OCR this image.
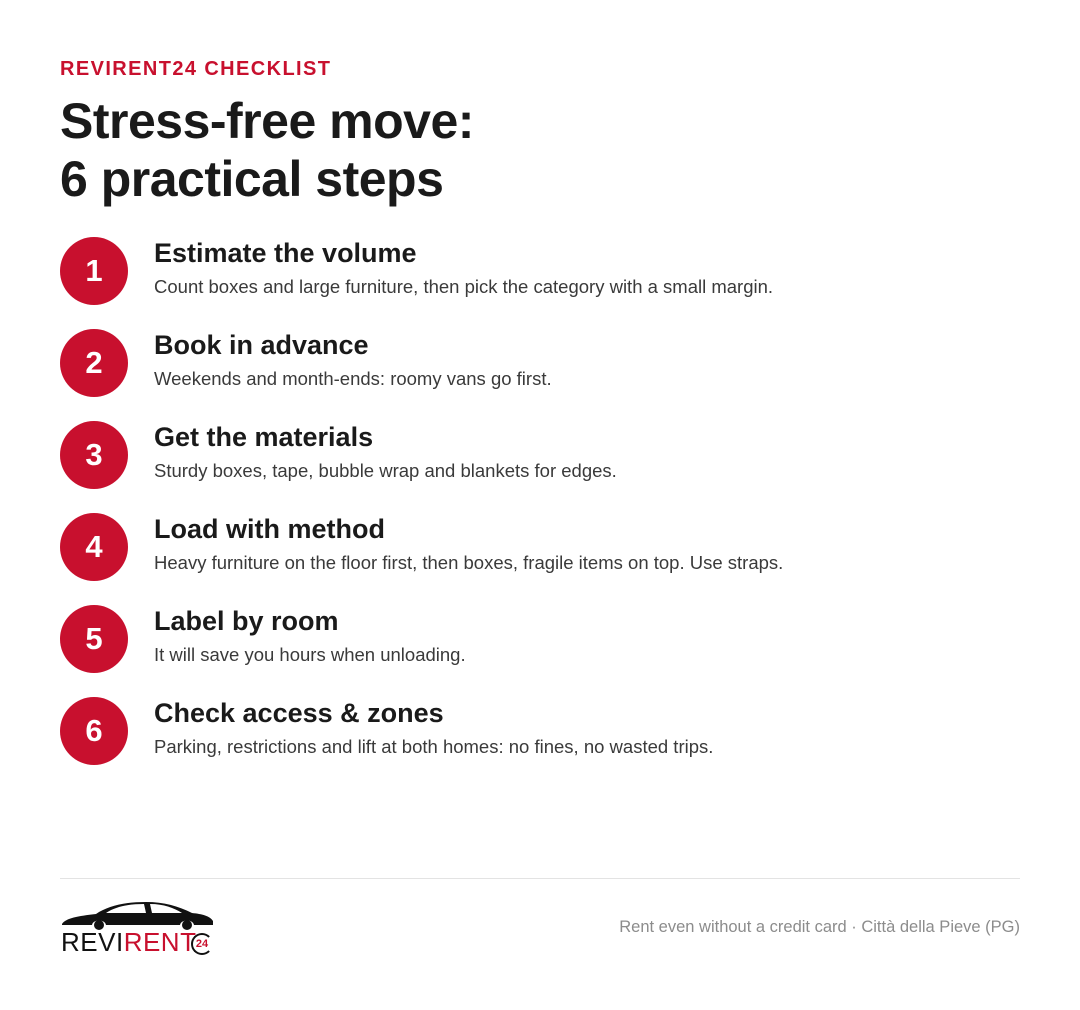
REVIRENT24 CHECKLIST
Stress-free move:
6 practical steps
1	Estimate the volume
Count boxes and large furniture, then pick the category with a small margin.
2	Book in advance
Weekends and month-ends: roomy vans go first.
3	Get the materials
Sturdy boxes, tape, bubble wrap and blankets for edges.
4	Load with method
Heavy furniture on the floor first, then boxes, fragile items on top. Use straps.
5	Label by room
It will save you hours when unloading.
6	Check access & zones
Parking, restrictions and lift at both homes: no fines, no wasted trips.
REVIRENT 24
Rent even without a credit card · Città della Pieve (PG)
